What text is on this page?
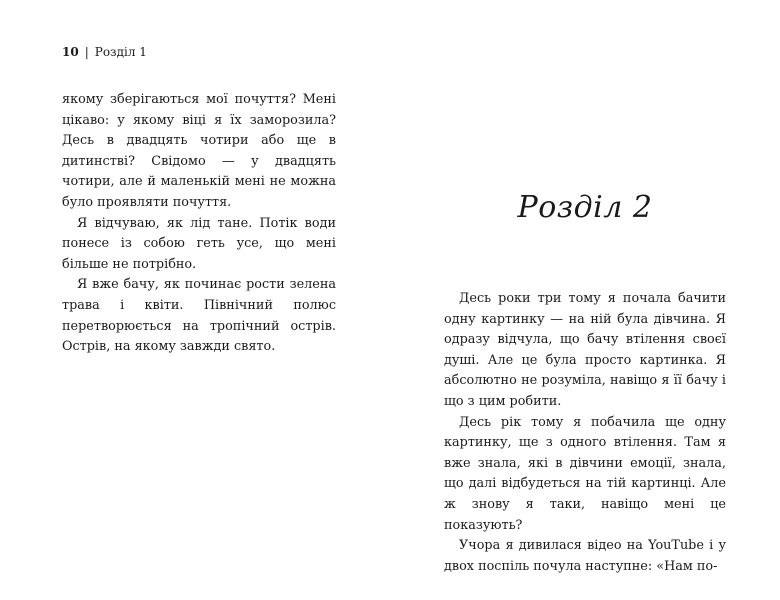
10 | Розділ 1

якому зберігаються мої почуття? Мені цікаво: у якому віці я їх заморозила? Десь в двадцять чотири або ще в дитинстві? Свідомо — у двадцять чотири, але й маленькій мені не можна було проявляти почуття.

Я відчуваю, як лід тане. Потік води понесе із собою геть усе, що мені більше не потрібно.

Я вже бачу, як починає рости зелена трава і квіти. Північний полюс перетворюється на тропічний острів. Острів, на якому завжди свято.

Розділ 2

Десь роки три тому я почала бачити одну картинку — на ній була дівчина. Я одразу відчула, що бачу втілення своєї душі. Але це була просто картинка. Я абсолютно не розуміла, навіщо я її бачу і що з цим робити.

Десь рік тому я побачила ще одну картинку, ще з одного втілення. Там я вже знала, які в дівчини емоції, знала, що далі відбудеться на тій картинці. Але ж знову я таки, навіщо мені це показують?

Учора я дивилася відео на YouTube і у двох поспіль почула наступне: «Нам по-
